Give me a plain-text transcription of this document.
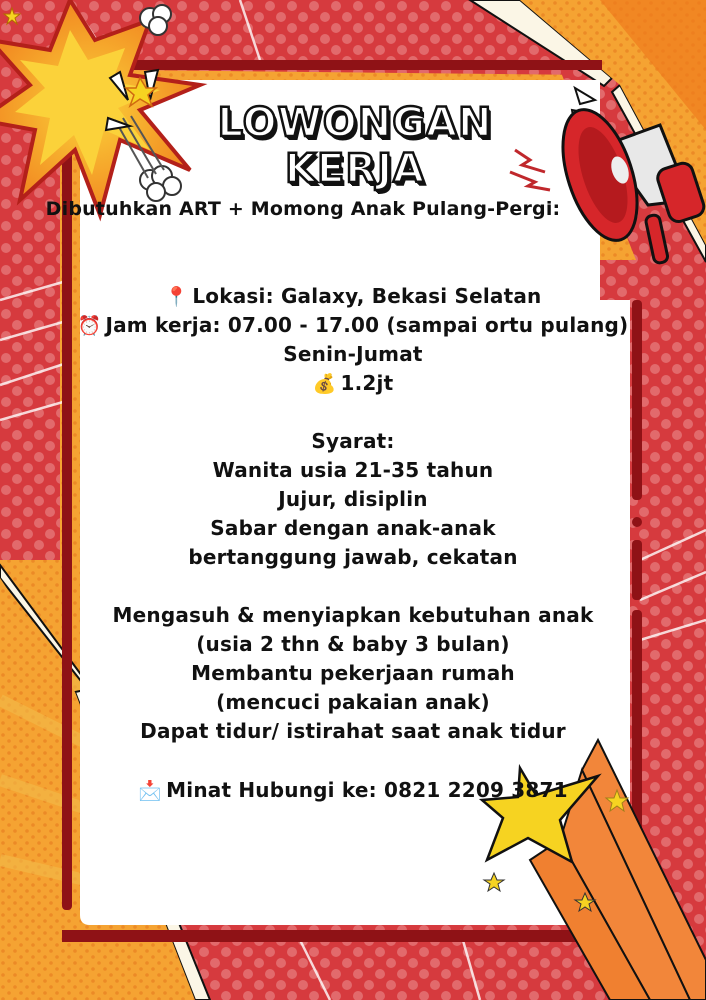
LOWONGAN KERJA
Dibutuhkan ART + Momong Anak Pulang-Pergi:
📍 Lokasi: Galaxy, Bekasi Selatan
⏰ Jam kerja: 07.00 - 17.00 (sampai ortu pulang)
Senin-Jumat
💰 1.2jt
Syarat:
Wanita usia 21-35 tahun
Jujur, disiplin
Sabar dengan anak-anak
bertanggung jawab, cekatan
Mengasuh & menyiapkan kebutuhan anak
(usia 2 thn & baby 3 bulan)
Membantu pekerjaan rumah
(mencuci pakaian anak)
Dapat tidur/ istirahat saat anak tidur
📩 Minat Hubungi ke: 0821 2209 3871
